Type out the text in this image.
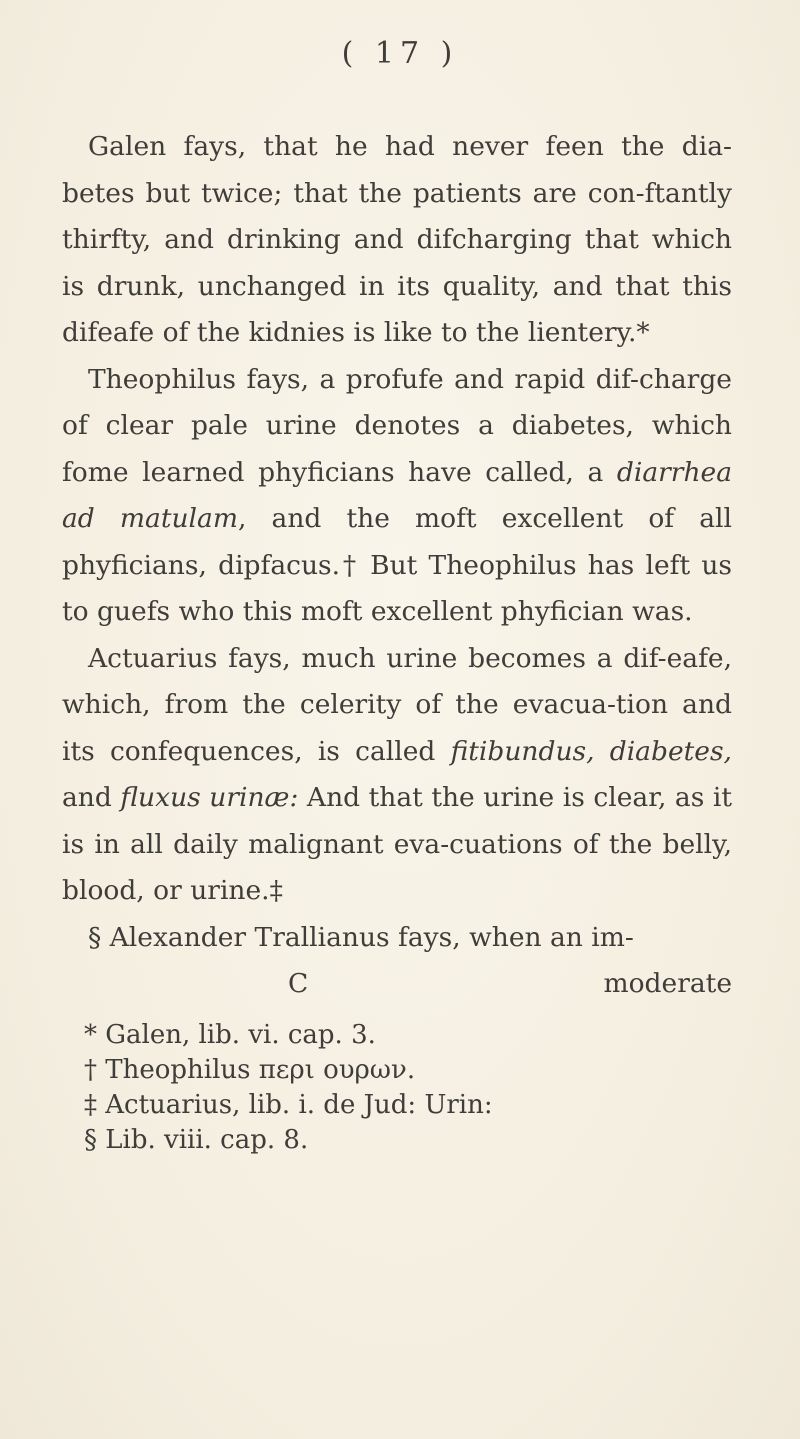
( 17 )

Galen fays, that he had never feen the dia-betes but twice; that the patients are con-ftantly thirfty, and drinking and difcharging that which is drunk, unchanged in its quality, and that this difeafe of the kidnies is like to the lientery.*

Theophilus fays, a profufe and rapid dif-charge of clear pale urine denotes a diabetes, which fome learned phyficians have called, a diarrhea ad matulam, and the moft excellent of all phyficians, dipfacus.† But Theophilus has left us to guefs who this moft excellent phyfician was.

Actuarius fays, much urine becomes a dif-eafe, which, from the celerity of the evacua-tion and its confequences, is called fitibundus, diabetes, and fluxus urinæ: And that the urine is clear, as it is in all daily malignant eva-cuations of the belly, blood, or urine.‡

§ Alexander Trallianus fays, when an im-

C	moderate

* Galen, lib. vi. cap. 3.

† Theophilus περι ουρων.

‡ Actuarius, lib. i. de Jud: Urin:

§ Lib. viii. cap. 8.
